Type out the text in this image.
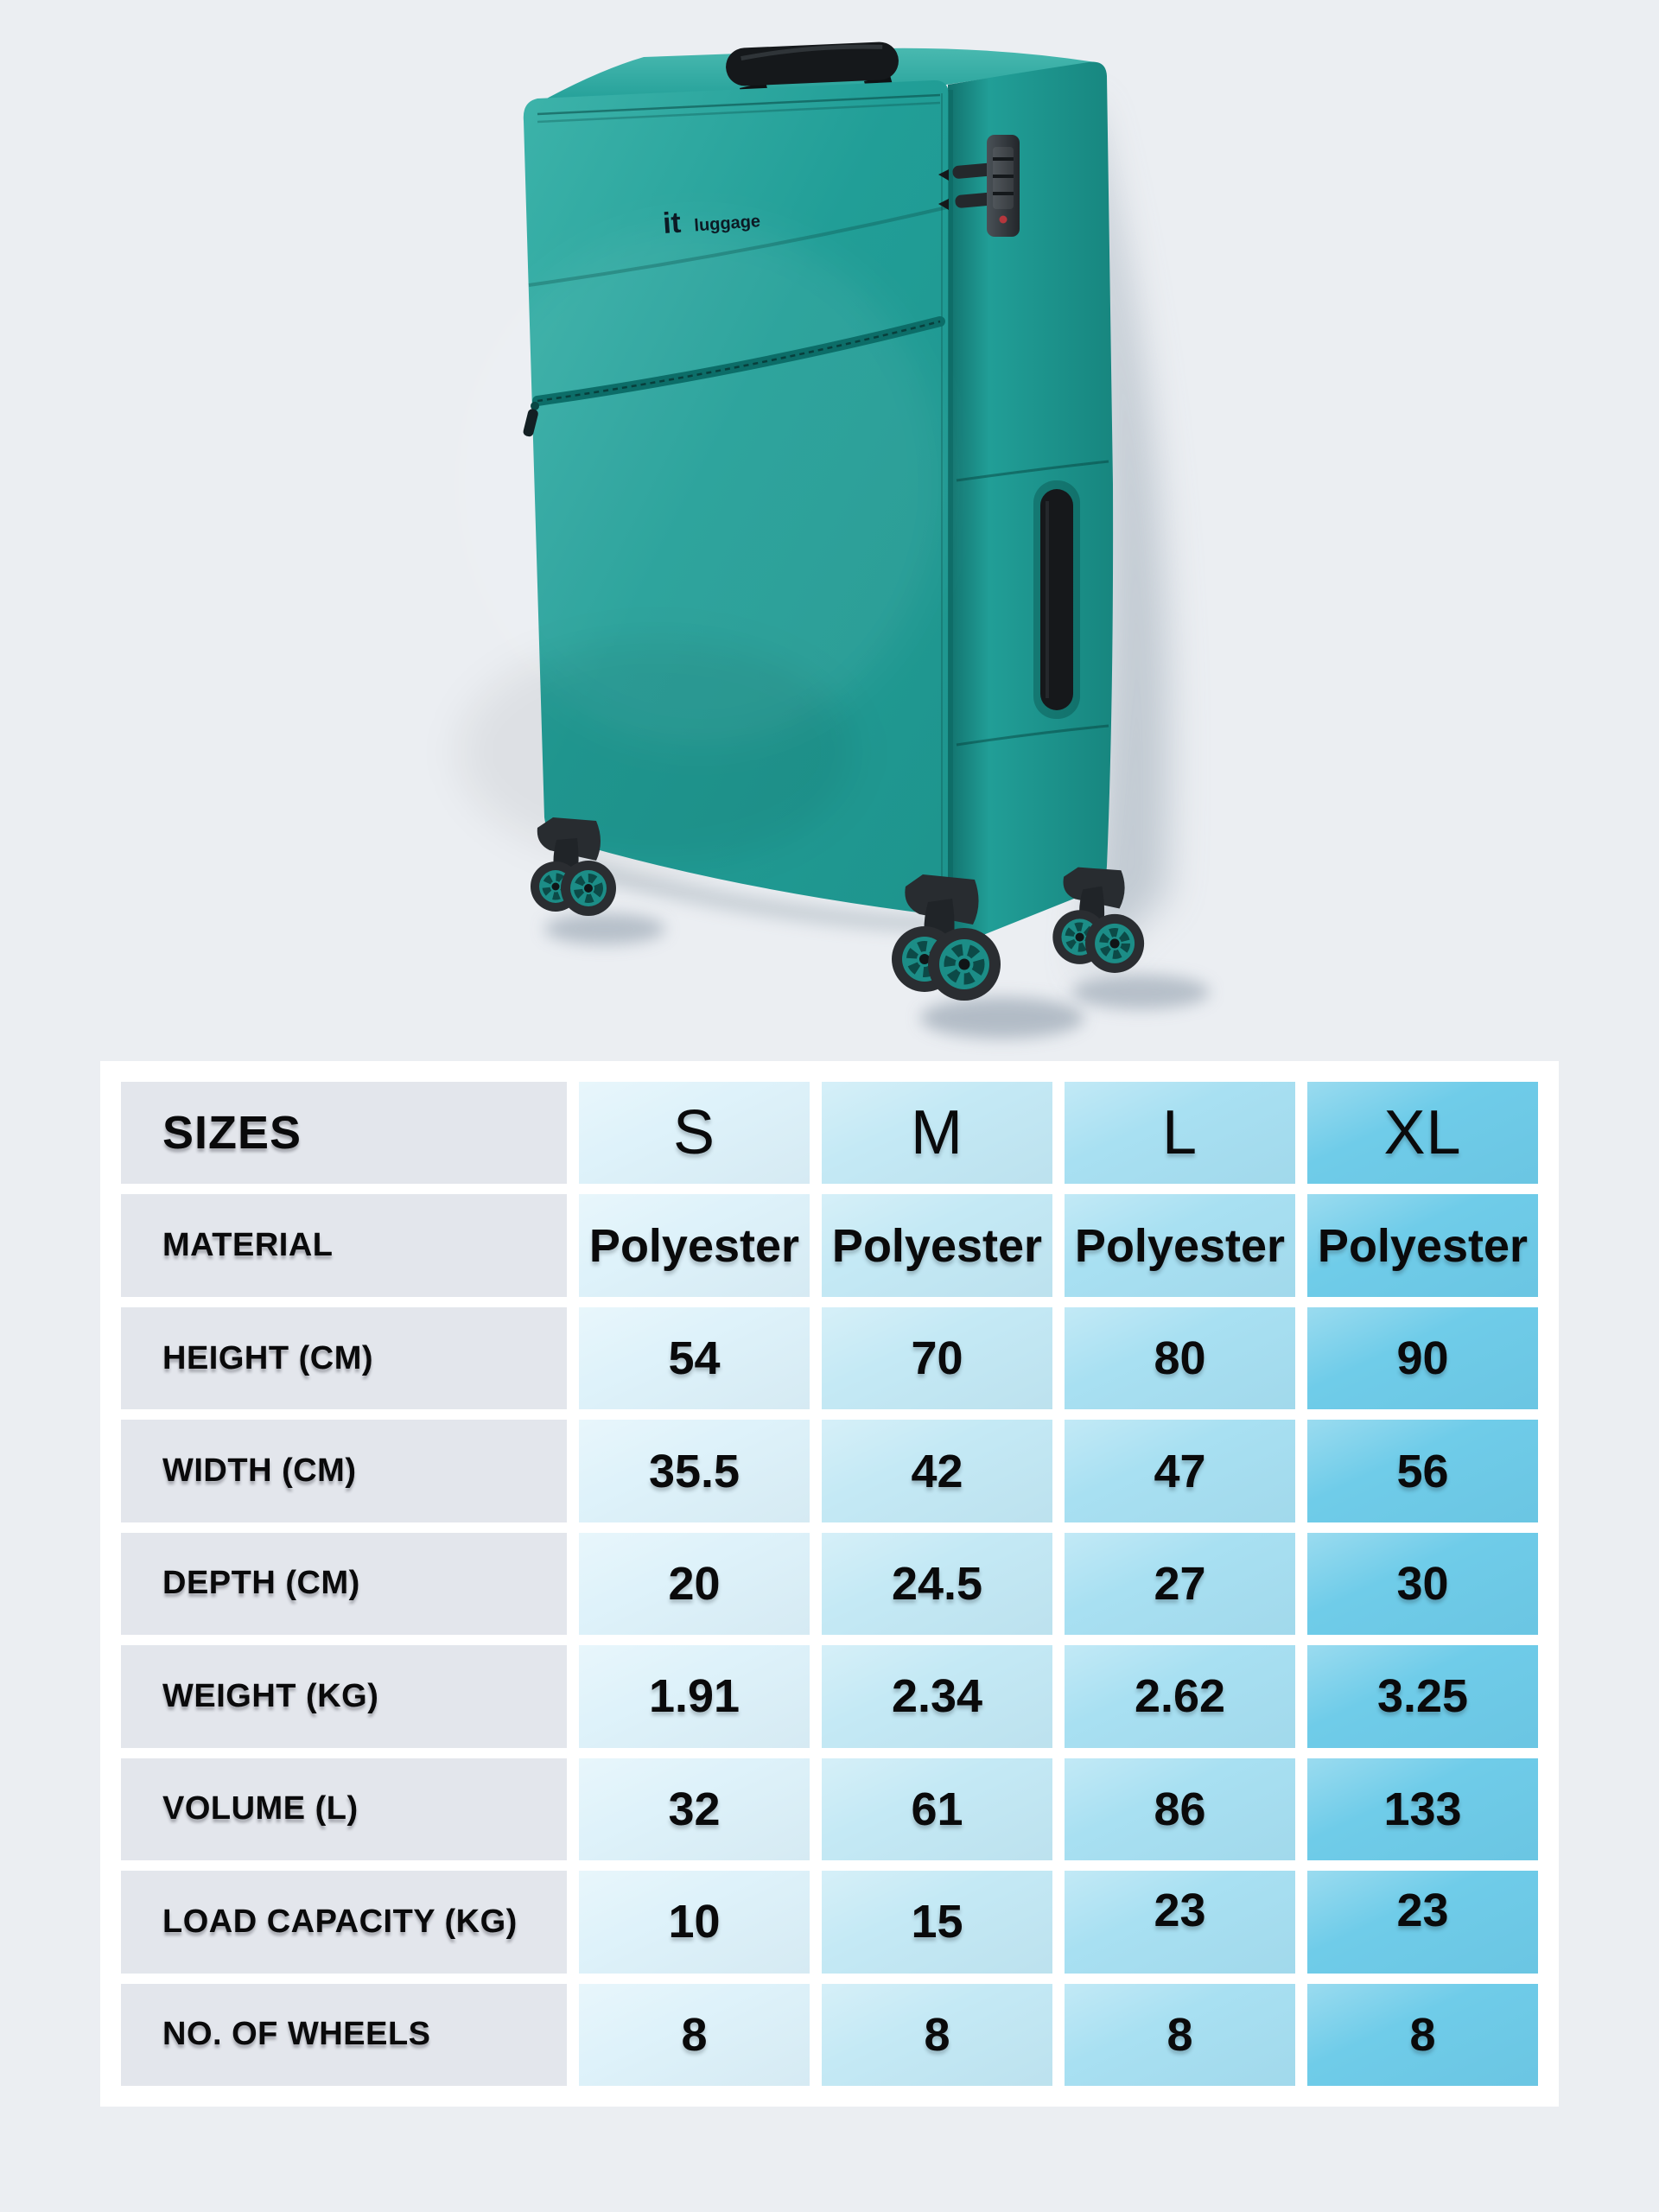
it luggage
SIZES	S	M	L	XL
MATERIAL	Polyester Polyester Polyester Polyester
HEIGHT (CM)	54	70	80	90
WIDTH (CM)	35.5	42	47	56
DEPTH (CM)	20	24.5	27	30
WEIGHT (KG)	1.91	2.34	2.62	3.25
VOLUME (L)	32	61	86	133
LOAD CAPACITY (KG)	10	15	23	23
NO. OF WHEELS	8	8	8	8
